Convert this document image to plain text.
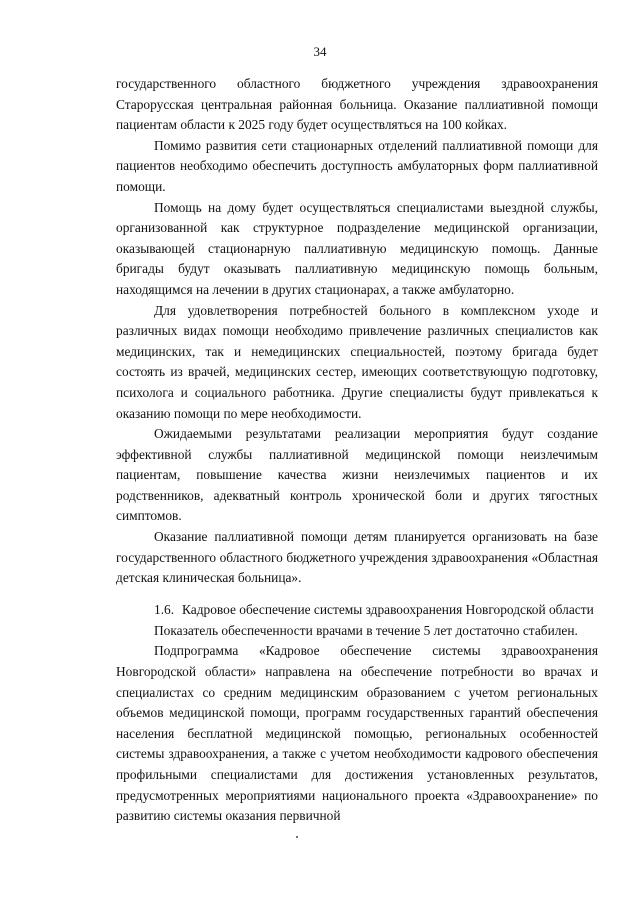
34

государственного областного бюджетного учреждения здравоохранения Старорусская центральная районная больница. Оказание паллиативной помощи пациентам области к 2025 году будет осуществляться на 100 койках.

Помимо развития сети стационарных отделений паллиативной помощи для пациентов необходимо обеспечить доступность амбулаторных форм паллиативной помощи.

Помощь на дому будет осуществляться специалистами выездной службы, организованной как структурное подразделение медицинской организации, оказывающей стационарную паллиативную медицинскую помощь. Данные бригады будут оказывать паллиативную медицинскую помощь больным, находящимся на лечении в других стационарах, а также амбулаторно.

Для удовлетворения потребностей больного в комплексном уходе и различных видах помощи необходимо привлечение различных специалистов как медицинских, так и немедицинских специальностей, поэтому бригада будет состоять из врачей, медицинских сестер, имеющих соответствующую подготовку, психолога и социального работника. Другие специалисты будут привлекаться к оказанию помощи по мере необходимости.

Ожидаемыми результатами реализации мероприятия будут создание эффективной службы паллиативной медицинской помощи неизлечимым пациентам, повышение качества жизни неизлечимых пациентов и их родственников, адекватный контроль хронической боли и других тягостных симптомов.

Оказание паллиативной помощи детям планируется организовать на базе государственного областного бюджетного учреждения здравоохранения «Областная детская клиническая больница».

1.6. Кадровое обеспечение системы здравоохранения Новгородской области

Показатель обеспеченности врачами в течение 5 лет достаточно стабилен.

Подпрограмма «Кадровое обеспечение системы здравоохранения Новгородской области» направлена на обеспечение потребности во врачах и специалистах со средним медицинским образованием с учетом региональных объемов медицинской помощи, программ государственных гарантий обеспечения населения бесплатной медицинской помощью, региональных особенностей системы здравоохранения, а также с учетом необходимости кадрового обеспечения профильными специалистами для достижения установленных результатов, предусмотренных мероприятиями национального проекта «Здравоохранение» по развитию системы оказания первичной
